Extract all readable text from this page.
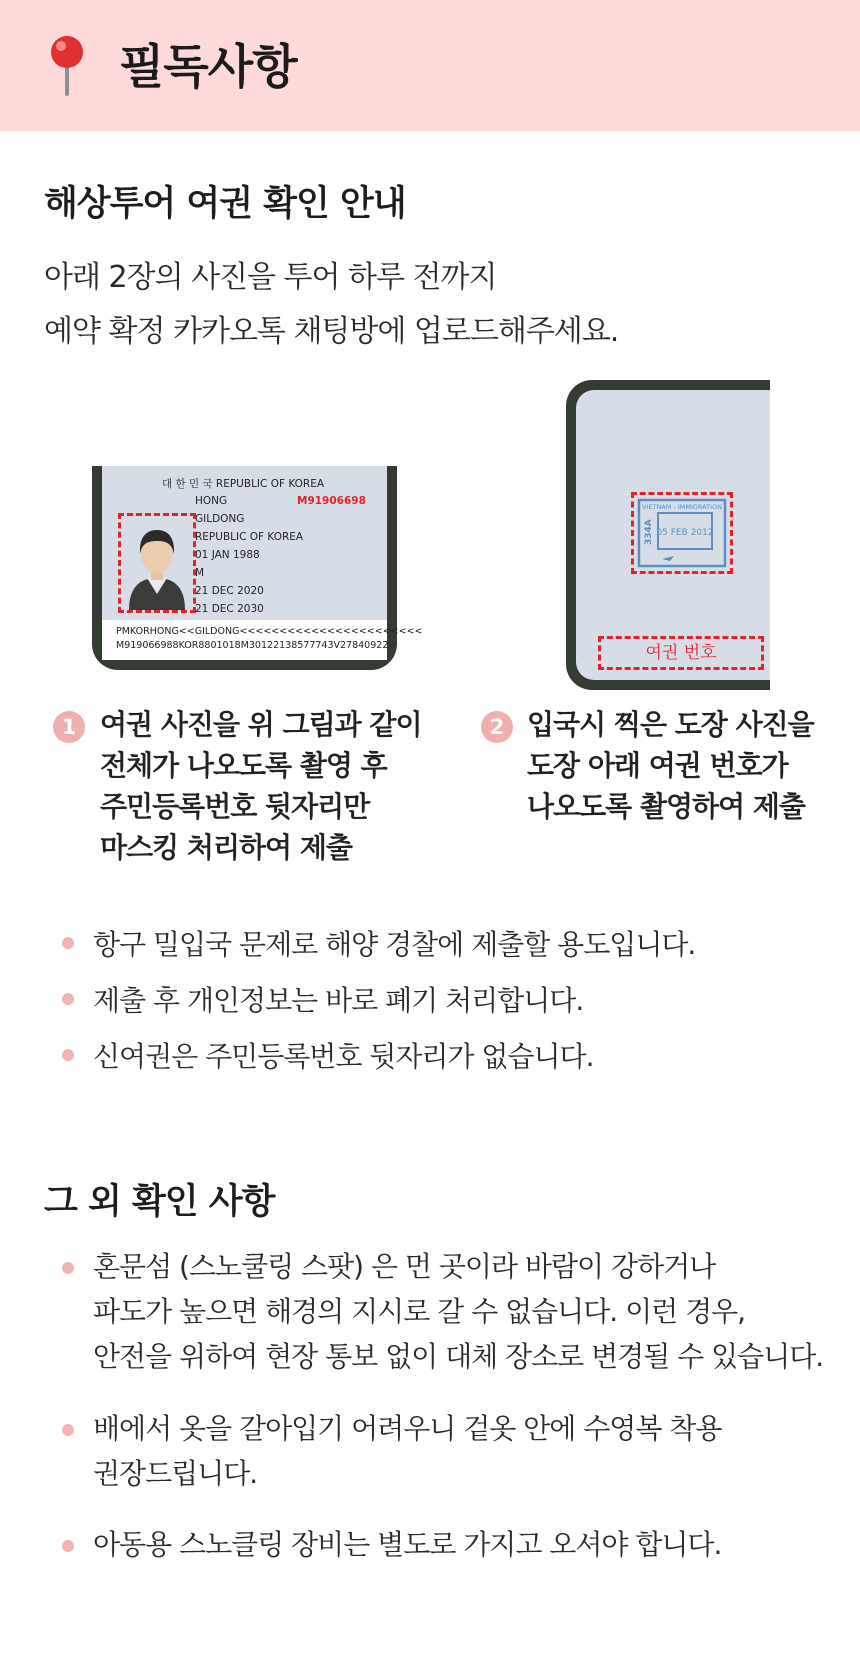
필독사항
해상투어 여권 확인 안내
아래 2장의 사진을 투어 하루 전까지
예약 확정 카카오톡 채팅방에 업로드해주세요.
대 한 민 국 REPUBLIC OF KOREA
HONG	M91906698
GILDONG
REPUBLIC OF KOREA
01 JAN 1988
M
21 DEC 2020
21 DEC 2030
PMKORHONG<<GILDONG<<<<<<<<<<<<<<<<<<<<<<<
M919066988KOR8801018M30122138577743V27840922
VIETNAM - IMMIGRATION
05 FEB 2012
334A
여권 번호
1 여권 사진을 위 그림과 같이
전체가 나오도록 촬영 후
주민등록번호 뒷자리만
마스킹 처리하여 제출
2 입국시 찍은 도장 사진을
도장 아래 여권 번호가
나오도록 촬영하여 제출
항구 밀입국 문제로 해양 경찰에 제출할 용도입니다.
제출 후 개인정보는 바로 폐기 처리합니다.
신여권은 주민등록번호 뒷자리가 없습니다.
그 외 확인 사항
혼문섬 (스노쿨링 스팟) 은 먼 곳이라 바람이 강하거나
파도가 높으면 해경의 지시로 갈 수 없습니다. 이런 경우,
안전을 위하여 현장 통보 없이 대체 장소로 변경될 수 있습니다.
배에서 옷을 갈아입기 어려우니 겉옷 안에 수영복 착용
권장드립니다.
아동용 스노클링 장비는 별도로 가지고 오셔야 합니다.
